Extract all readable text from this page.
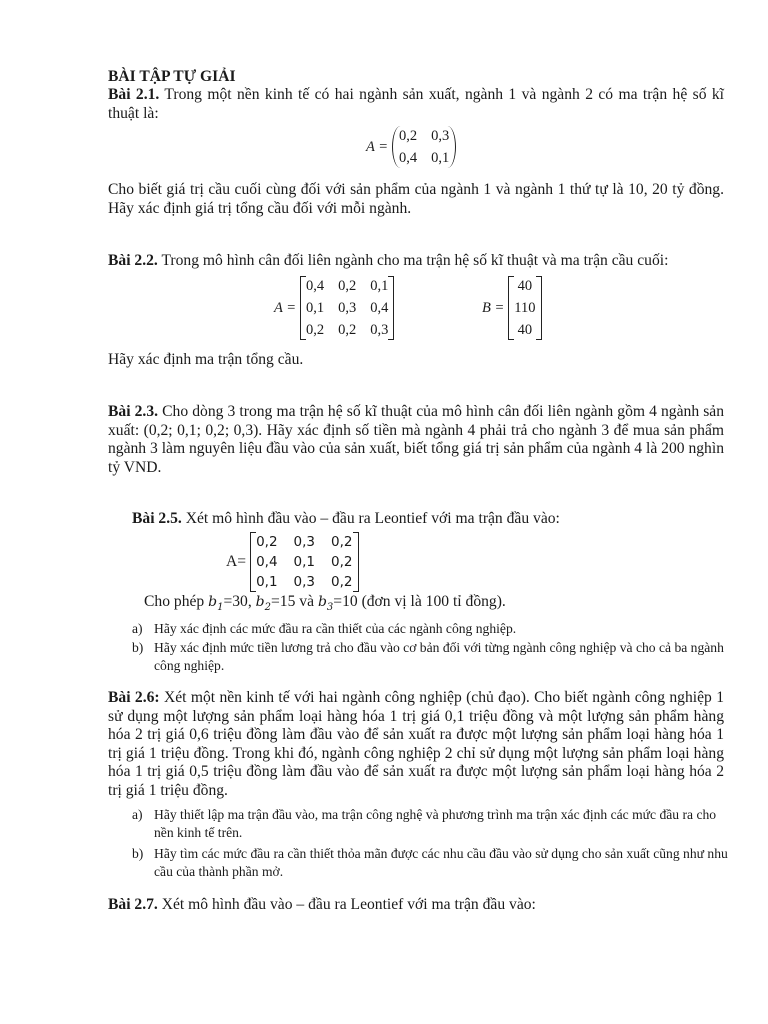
BÀI TẬP TỰ GIẢI
Bài 2.1. Trong một nền kinh tế có hai ngành sản xuất, ngành 1 và ngành 2 có ma trận hệ số kĩ thuật là:
A =
0,2 0,3
0,4 0,1
Cho biết giá trị cầu cuối cùng đối với sản phẩm của ngành 1 và ngành 1 thứ tự là 10, 20 tỷ đồng. Hãy xác định giá trị tổng cầu đối với mỗi ngành.
Bài 2.2. Trong mô hình cân đối liên ngành cho ma trận hệ số kĩ thuật và ma trận cầu cuối:
A =
0,4 0,2 0,1
0,1 0,3 0,4
0,2 0,2 0,3
B =
40
110
40
Hãy xác định ma trận tổng cầu.
Bài 2.3. Cho dòng 3 trong ma trận hệ số kĩ thuật của mô hình cân đối liên ngành gồm 4 ngành sản xuất: (0,2; 0,1; 0,2; 0,3). Hãy xác định số tiền mà ngành 4 phải trả cho ngành 3 để mua sản phẩm ngành 3 làm nguyên liệu đầu vào của sản xuất, biết tổng giá trị sản phẩm của ngành 4 là 200 nghìn tỷ VND.
Bài 2.5. Xét mô hình đầu vào – đầu ra Leontief với ma trận đầu vào:
A=
0,2 0,3 0,2
0,4 0,1 0,2
0,1 0,3 0,2
Cho phép $b_1=30$, $b_2=15$ và $b_3=10$ (đơn vị là 100 tỉ đồng).
a) Hãy xác định các mức đầu ra cần thiết của các ngành công nghiệp.
b) Hãy xác định mức tiền lương trả cho đầu vào cơ bản đối với từng ngành công nghiệp và cho cả ba ngành công nghiệp.
Bài 2.6: Xét một nền kinh tế với hai ngành công nghiệp (chủ đạo). Cho biết ngành công nghiệp 1 sử dụng một lượng sản phẩm loại hàng hóa 1 trị giá 0,1 triệu đồng và một lượng sản phẩm hàng hóa 2 trị giá 0,6 triệu đồng làm đầu vào để sản xuất ra được một lượng sản phẩm loại hàng hóa 1 trị giá 1 triệu đồng. Trong khi đó, ngành công nghiệp 2 chỉ sử dụng một lượng sản phẩm loại hàng hóa 1 trị giá 0,5 triệu đồng làm đầu vào để sản xuất ra được một lượng sản phẩm loại hàng hóa 2 trị giá 1 triệu đồng.
a) Hãy thiết lập ma trận đầu vào, ma trận công nghệ và phương trình ma trận xác định các mức đầu ra cho nền kinh tế trên.
b) Hãy tìm các mức đầu ra cần thiết thỏa mãn được các nhu cầu đầu vào sử dụng cho sản xuất cũng như nhu cầu của thành phần mở.
Bài 2.7. Xét mô hình đầu vào – đầu ra Leontief với ma trận đầu vào:
